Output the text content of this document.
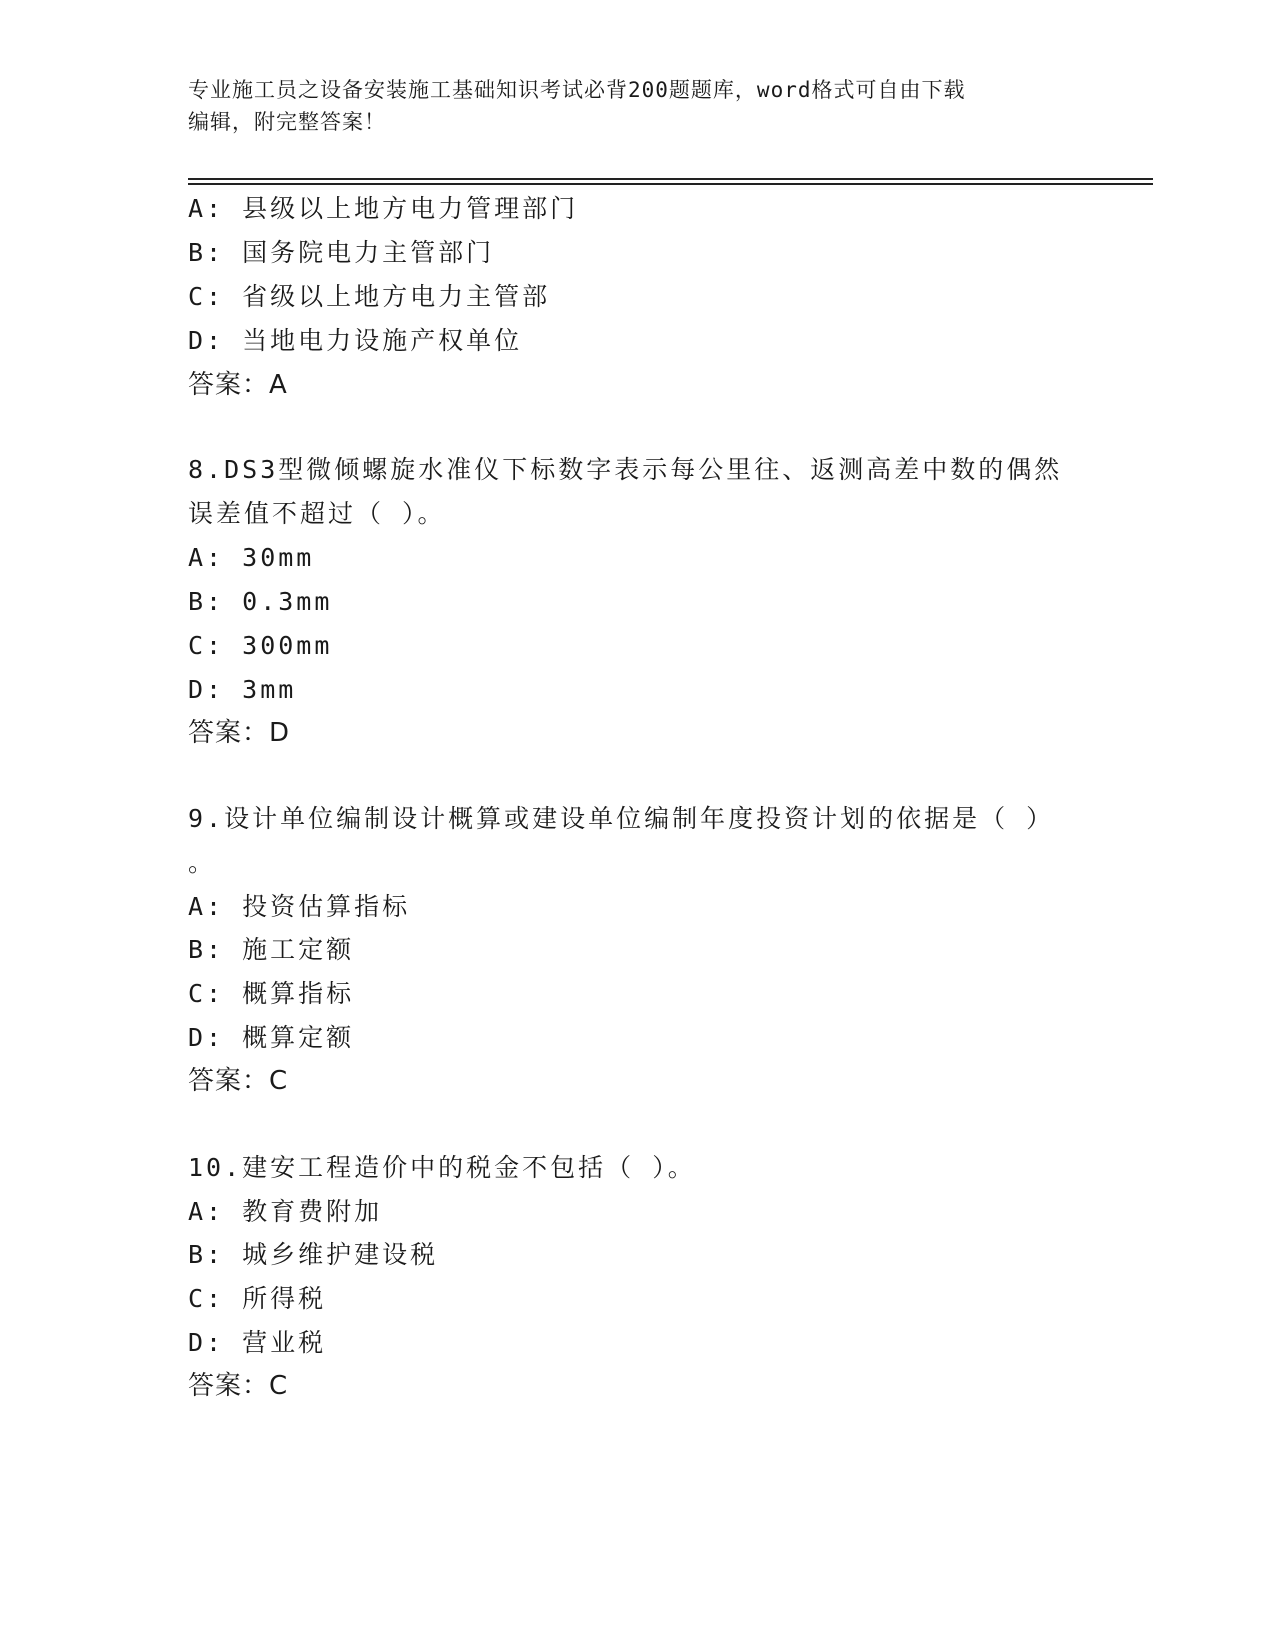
专业施工员之设备安装施工基础知识考试必背200题题库，word格式可自由下载
编辑，附完整答案！
A: 县级以上地方电力管理部门
B: 国务院电力主管部门
C: 省级以上地方电力主管部
D: 当地电力设施产权单位
答案：A
8.DS3型微倾螺旋水准仪下标数字表示每公里往、返测高差中数的偶然
误差值不超过（ ）。
A: 30mm
B: 0.3mm
C: 300mm
D: 3mm
答案：D
9.设计单位编制设计概算或建设单位编制年度投资计划的依据是（ ）
。
A: 投资估算指标
B: 施工定额
C: 概算指标
D: 概算定额
答案：C
10.建安工程造价中的税金不包括（ ）。
A: 教育费附加
B: 城乡维护建设税
C: 所得税
D: 营业税
答案：C
